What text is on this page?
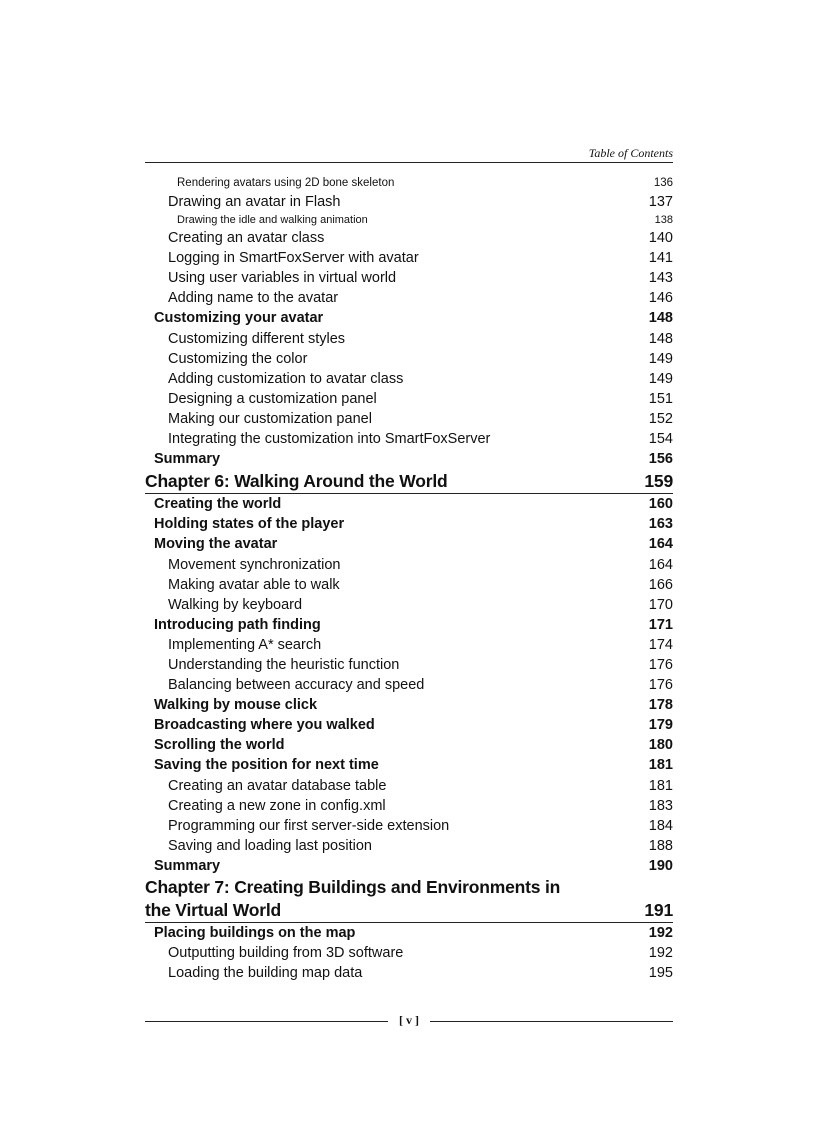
Table of Contents
Rendering avatars using 2D bone skeleton	136
Drawing an avatar in Flash	137
Drawing the idle and walking animation	138
Creating an avatar class	140
Logging in SmartFoxServer with avatar	141
Using user variables in virtual world	143
Adding name to the avatar	146
Customizing your avatar	148
Customizing different styles	148
Customizing the color	149
Adding customization to avatar class	149
Designing a customization panel	151
Making our customization panel	152
Integrating the customization into SmartFoxServer	154
Summary	156
Chapter 6: Walking Around the World	159
Creating the world	160
Holding states of the player	163
Moving the avatar	164
Movement synchronization	164
Making avatar able to walk	166
Walking by keyboard	170
Introducing path finding	171
Implementing A* search	174
Understanding the heuristic function	176
Balancing between accuracy and speed	176
Walking by mouse click	178
Broadcasting where you walked	179
Scrolling the world	180
Saving the position for next time	181
Creating an avatar database table	181
Creating a new zone in config.xml	183
Programming our first server-side extension	184
Saving and loading last position	188
Summary	190
Chapter 7: Creating Buildings and Environments in
the Virtual World	191
Placing buildings on the map	192
Outputting building from 3D software	192
Loading the building map data	195
[ v ]
